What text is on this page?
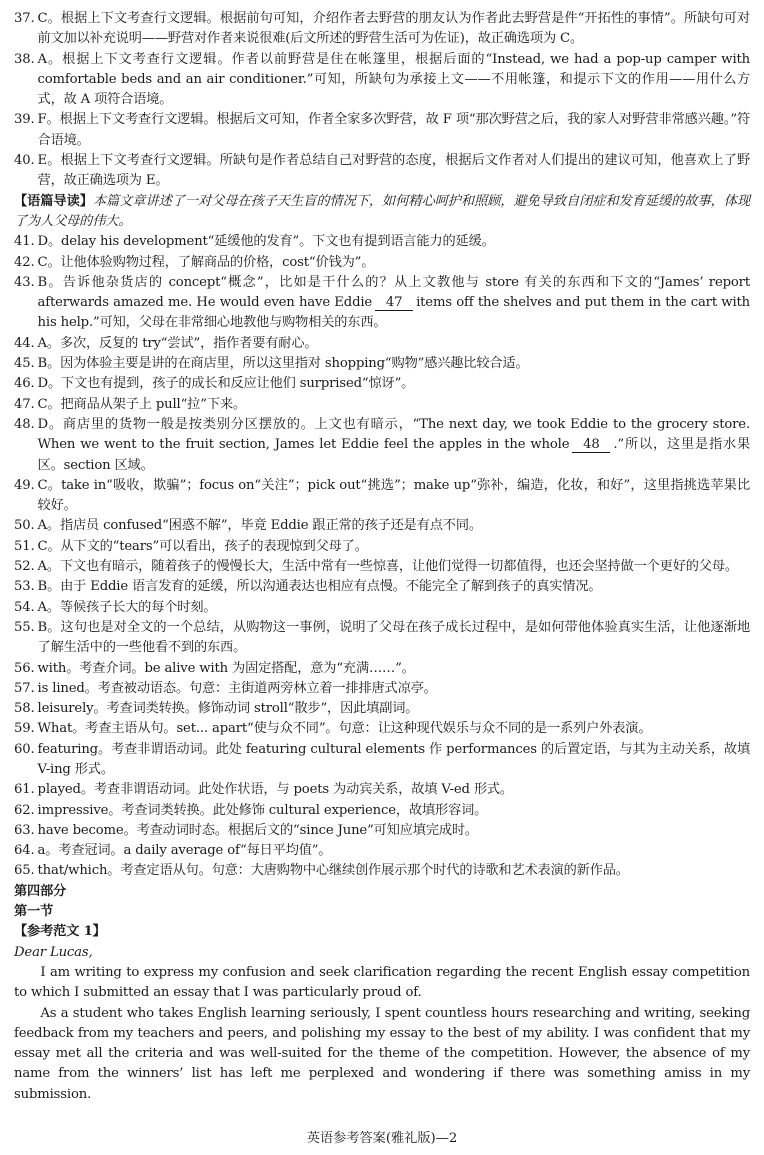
37. C。根据上下文考查行文逻辑。根据前句可知，介绍作者去野营的朋友认为作者此去野营是件“开拓性的事情”。所缺句可对前文加以补充说明——野营对作者来说很难(后文所述的野营生活可为佐证)，故正确选项为 C。
38. A。根据上下文考查行文逻辑。作者以前野营是住在帐篷里，根据后面的“Instead, we had a pop-up camper with comfortable beds and an air conditioner.”可知，所缺句为承接上文——不用帐篷，和提示下文的作用——用什么方式，故 A 项符合语境。
39. F。根据上下文考查行文逻辑。根据后文可知，作者全家多次野营，故 F 项“那次野营之后，我的家人对野营非常感兴趣。”符合语境。
40. E。根据上下文考查行文逻辑。所缺句是作者总结自己对野营的态度，根据后文作者对人们提出的建议可知，他喜欢上了野营，故正确选项为 E。

【语篇导读】本篇文章讲述了一对父母在孩子天生盲的情况下，如何精心呵护和照顾，避免导致自闭症和发育延缓的故事，体现了为人父母的伟大。

41. D。delay his development“延缓他的发育”。下文也有提到语言能力的延缓。
42. C。让他体验购物过程，了解商品的价格，cost“价钱为”。
43. B。告诉他杂货店的 concept“概念”，比如是干什么的？从上文教他与 store 有关的东西和下文的“James’ report afterwards amazed me. He would even have Eddie 47 items off the shelves and put them in the cart with his help.”可知，父母在非常细心地教他与购物相关的东西。
44. A。多次，反复的 try“尝试”，指作者要有耐心。
45. B。因为体验主要是讲的在商店里，所以这里指对 shopping“购物”感兴趣比较合适。
46. D。下文也有提到，孩子的成长和反应让他们 surprised“惊讶”。
47. C。把商品从架子上 pull“拉”下来。
48. D。商店里的货物一般是按类别分区摆放的。上文也有暗示，“The next day, we took Eddie to the grocery store. When we went to the fruit section, James let Eddie feel the apples in the whole 48 .”所以，这里是指水果区。section 区域。
49. C。take in“吸收，欺骗”；focus on“关注”；pick out“挑选”；make up“弥补，编造，化妆，和好”，这里指挑选苹果比较好。
50. A。指店员 confused“困惑不解”，毕竟 Eddie 跟正常的孩子还是有点不同。
51. C。从下文的“tears”可以看出，孩子的表现惊到父母了。
52. A。下文也有暗示，随着孩子的慢慢长大，生活中常有一些惊喜，让他们觉得一切都值得，也还会坚持做一个更好的父母。
53. B。由于 Eddie 语言发育的延缓，所以沟通表达也相应有点慢。不能完全了解到孩子的真实情况。
54. A。等候孩子长大的每个时刻。
55. B。这句也是对全文的一个总结，从购物这一事例，说明了父母在孩子成长过程中，是如何带他体验真实生活，让他逐渐地了解生活中的一些他看不到的东西。
56. with。考查介词。be alive with 为固定搭配，意为“充满……”。
57. is lined。考查被动语态。句意：主街道两旁林立着一排排唐式凉亭。
58. leisurely。考查词类转换。修饰动词 stroll“散步”，因此填副词。
59. What。考查主语从句。set... apart“使与众不同”。句意：让这种现代娱乐与众不同的是一系列户外表演。
60. featuring。考查非谓语动词。此处 featuring cultural elements 作 performances 的后置定语，与其为主动关系，故填 V-ing 形式。
61. played。考查非谓语动词。此处作状语，与 poets 为动宾关系，故填 V-ed 形式。
62. impressive。考查词类转换。此处修饰 cultural experience，故填形容词。
63. have become。考查动词时态。根据后文的“since June”可知应填完成时。
64. a。考查冠词。a daily average of“每日平均值”。
65. that/which。考查定语从句。句意：大唐购物中心继续创作展示那个时代的诗歌和艺术表演的新作品。

第四部分

第一节

【参考范文 1】

Dear Lucas,

I am writing to express my confusion and seek clarification regarding the recent English essay competition to which I submitted an essay that I was particularly proud of.

As a student who takes English learning seriously, I spent countless hours researching and writing, seeking feedback from my teachers and peers, and polishing my essay to the best of my ability. I was confident that my essay met all the criteria and was well-suited for the theme of the competition. However, the absence of my name from the winners’ list has left me perplexed and wondering if there was something amiss in my submission.

英语参考答案(雅礼版)—2
